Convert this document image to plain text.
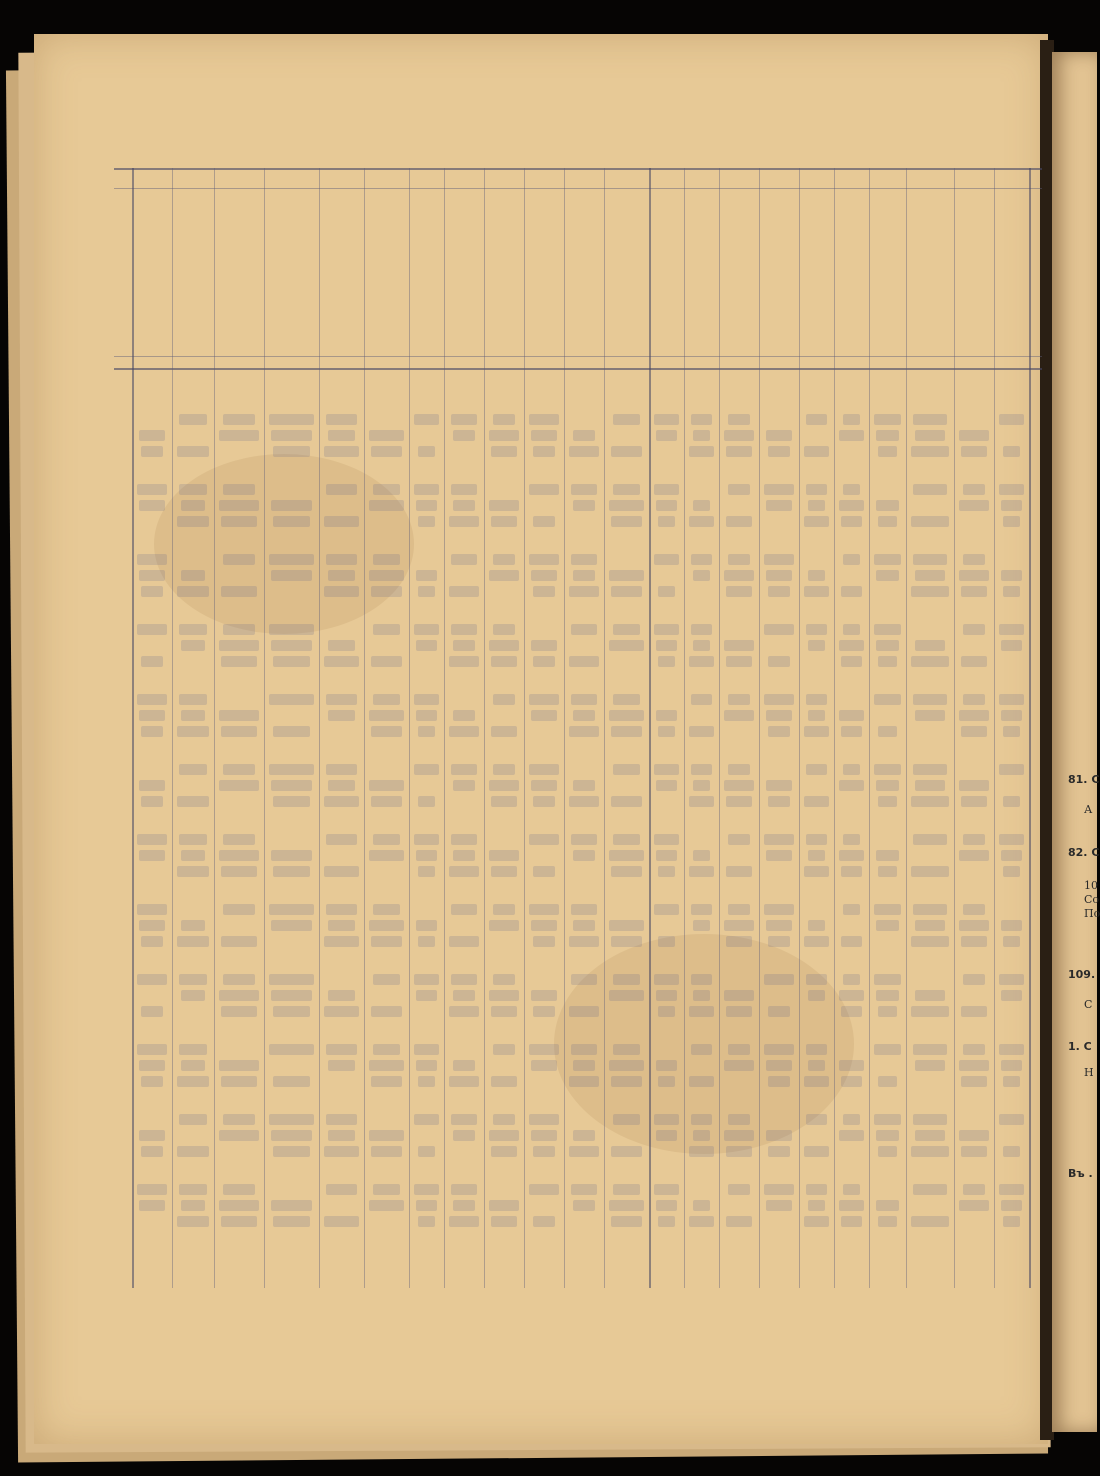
81. С
А
82. С
10
Со
По
109.
С
1. С
Н
Въ .
